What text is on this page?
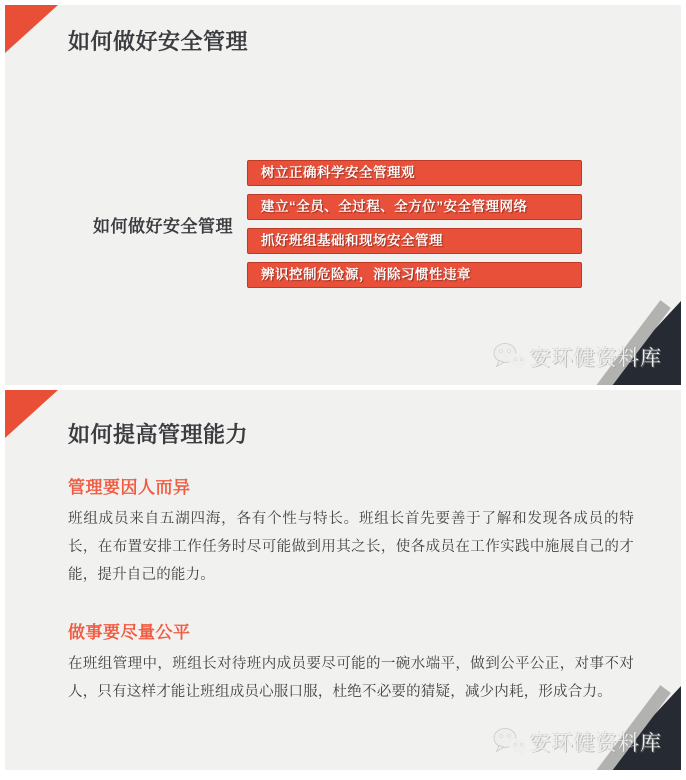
如何做好安全管理
如何做好安全管理
树立正确科学安全管理观
建立“全员、全过程、全方位”安全管理网络
抓好班组基础和现场安全管理
辨识控制危险源，消除习惯性违章
安环健资料库
如何提高管理能力
管理要因人而异

班组成员来自五湖四海，各有个性与特长。班组长首先要善于了解和发现各成员的特长，在布置安排工作任务时尽可能做到用其之长，使各成员在工作实践中施展自己的才能，提升自己的能力。

做事要尽量公平

在班组管理中，班组长对待班内成员要尽可能的一碗水端平，做到公平公正，对事不对人，只有这样才能让班组成员心服口服，杜绝不必要的猜疑，减少内耗，形成合力。

安环健资料库
